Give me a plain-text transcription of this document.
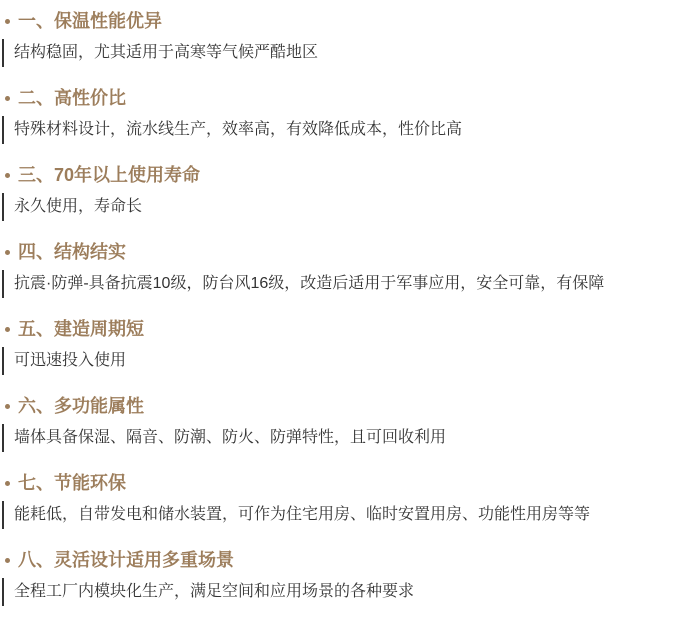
一、保温性能优异
结构稳固，尤其适用于高寒等气候严酷地区
二、高性价比
特殊材料设计，流水线生产，效率高，有效降低成本，性价比高
三、70年以上使用寿命
永久使用，寿命长
四、结构结实
抗震·防弹-具备抗震10级，防台风16级，改造后适用于军事应用，安全可靠，有保障
五、建造周期短
可迅速投入使用
六、多功能属性
墙体具备保湿、隔音、防潮、防火、防弹特性，且可回收利用
七、节能环保
能耗低，自带发电和储水装置，可作为住宅用房、临时安置用房、功能性用房等等
八、灵活设计适用多重场景
全程工厂内模块化生产，满足空间和应用场景的各种要求
